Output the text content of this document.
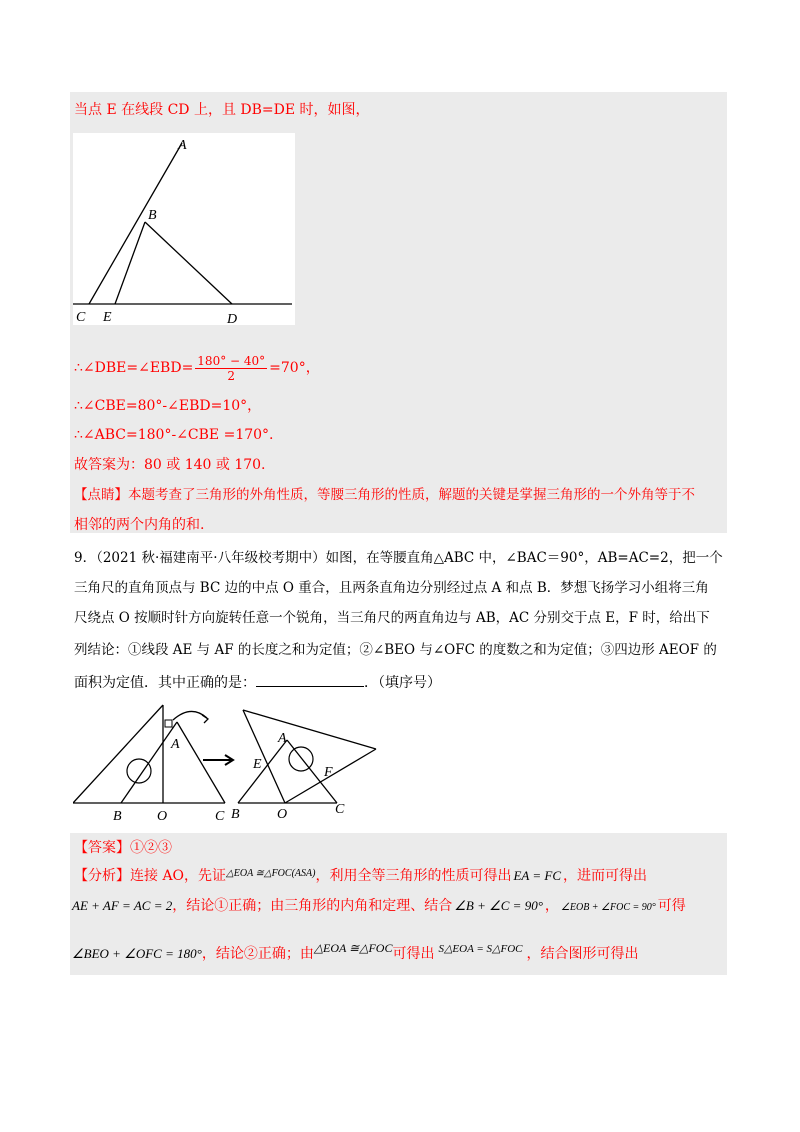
当点 E 在线段 CD 上，且 DB=DE 时，如图，
A
B
C E	D
∴∠DBE=∠EBD= $\frac{180^\circ - 40^\circ}{2} =70^\circ$，
∴∠CBE=80°-∠EBD=10°，
∴∠ABC=180°-∠CBE =170°.
故答案为：80 或 140 或 170.
【点睛】本题考查了三角形的外角性质，等腰三角形的性质，解题的关键是掌握三角形的一个外角等于不
相邻的两个内角的和.
9．（2021 秋·福建南平·八年级校考期中）如图，在等腰直角△ABC 中，∠BAC＝90°，AB=AC=2，把一个
三角尺的直角顶点与 BC 边的中点 O 重合，且两条直角边分别经过点 A 和点 B．梦想飞扬学习小组将三角
尺绕点 O 按顺时针方向旋转任意一个锐角，当三角尺的两直角边与 AB，AC 分别交于点 E，F 时，给出下
列结论：①线段 AE 与 AF 的长度之和为定值；②∠BEO 与∠OFC 的度数之和为定值；③四边形 AEOF 的
面积为定值．其中正确的是：	．（填序号）
A
B	O	C
A
E
F
B	O	C
【答案】①②③
【分析】连接 AO，先证$^{\triangle EOA ≅\triangle FOC(ASA)}$，利用全等三角形的性质可得出 EA = FC ，进而可得出
AE + AF = AC = 2，结论①正确；由三角形的内角和定理、结合 ∠B + ∠C = 90° ， ∠EOB + ∠FOC = 90° 可得
∠BEO + ∠OFC = 180°，结论②正确；由△EOA ≅△FOC可得出 $^{S\triangle EOA = S\triangle FOC}$ ，结合图形可得出
